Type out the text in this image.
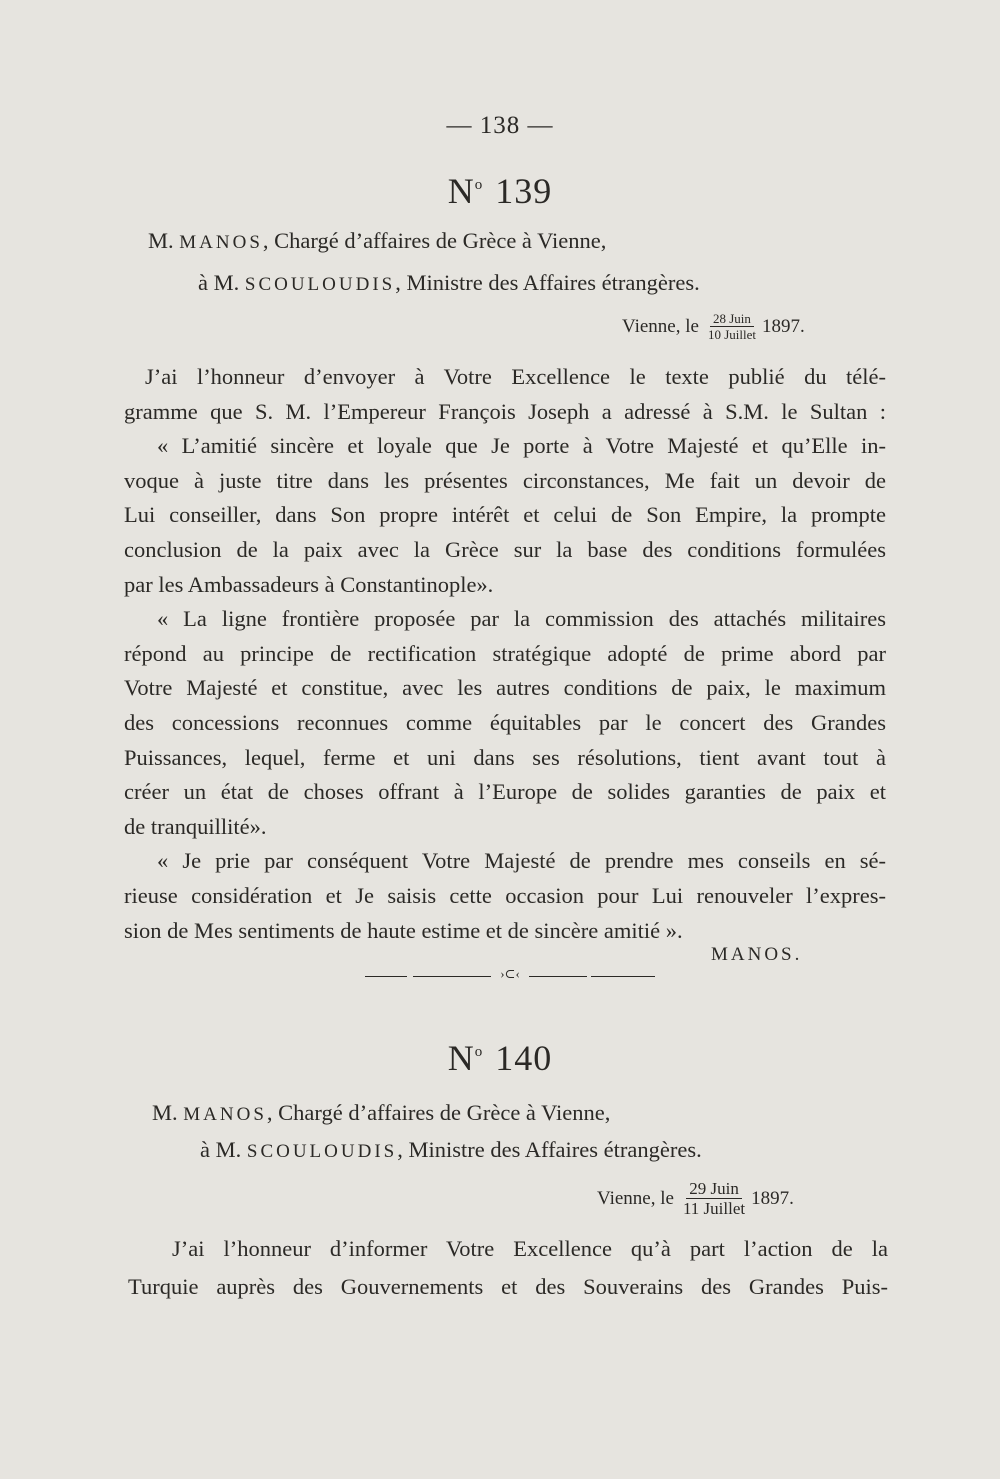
— 138 —
$N^o$ 139
M. MANOS, Chargé d’affaires de Grèce à Vienne,
à M. SCOULOUDIS, Ministre des Affaires étrangères.
Vienne, le $\frac{\text{28 Juin}}{\text{10 Juillet}} 1897$.

J’ai l’honneur d’envoyer à Votre Excellence le texte publié du télé-

gramme que S. M. l’Empereur François Joseph a adressé à S.M. le Sultan :

« L’amitié sincère et loyale que Je porte à Votre Majesté et qu’Elle in-

voque à juste titre dans les présentes circonstances, Me fait un devoir de

Lui conseiller, dans Son propre intérêt et celui de Son Empire, la prompte

conclusion de la paix avec la Grèce sur la base des conditions formulées

par les Ambassadeurs à Constantinople».

« La ligne frontière proposée par la commission des attachés militaires

répond au principe de rectification stratégique adopté de prime abord par

Votre Majesté et constitue, avec les autres conditions de paix, le maximum

des concessions reconnues comme équitables par le concert des Grandes

Puissances, lequel, ferme et uni dans ses résolutions, tient avant tout à

créer un état de choses offrant à l’Europe de solides garanties de paix et

de tranquillité».

« Je prie par conséquent Votre Majesté de prendre mes conseils en sé-

rieuse considération et Je saisis cette occasion pour Lui renouveler l’expres-

sion de Mes sentiments de haute estime et de sincère amitié ».

MANOS.
›⊂‹
$N^o$ 140
M. MANOS, Chargé d’affaires de Grèce à Vienne,
à M. SCOULOUDIS, Ministre des Affaires étrangères.
Vienne, le $\frac{\text{29 Juin}}{\text{11 Juillet}} 1897$.

J’ai l’honneur d’informer Votre Excellence qu’à part l’action de la

Turquie auprès des Gouvernements et des Souverains des Grandes Puis-
